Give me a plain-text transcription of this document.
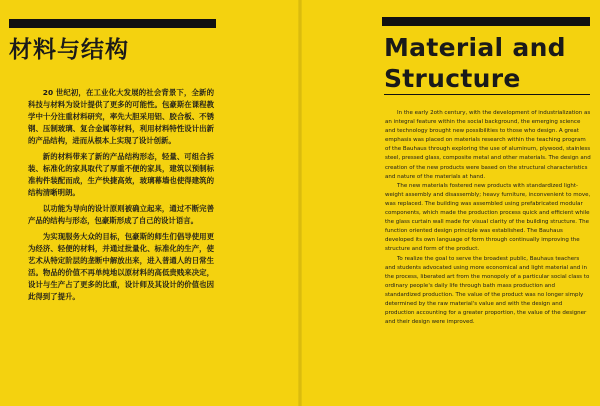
材料与结构

20 世纪初，在工业化大发展的社会背景下，全新的科技与材料为设计提供了更多的可能性。包豪斯在课程教学中十分注重材料研究，率先大胆采用铝、胶合板、不锈钢、压制玻璃、复合金属等材料，利用材料特性设计出新的产品结构，进而从根本上实现了设计创新。

新的材料带来了新的产品结构形态，轻量、可组合拆装、标准化的家具取代了厚重不便的家具，建筑以预制标准构件装配而成，生产快捷高效，玻璃幕墙也使得建筑的结构清晰明朗。

以功能为导向的设计原则被确立起来，通过不断完善产品的结构与形态，包豪斯形成了自己的设计语言。

为实现服务大众的目标，包豪斯的师生们倡导使用更为经济、轻便的材料，并通过批量化、标准化的生产，使艺术从特定阶层的垄断中解放出来，进入普通人的日常生活。物品的价值不再单纯地以原材料的高低贵贱来决定，设计与生产占了更多的比重，设计师及其设计的价值也因此得到了提升。

Material and Structure

In the early 2oth century, with the development of industrialization as an integral feature within the social background, the emerging science and technology brought new possibilities to those who design. A great emphasis was placed on materials research within the teaching program of the Bauhaus through exploring the use of aluminum, plywood, stainless steel, pressed glass, composite metal and other materials. The design and creation of the new products were based on the structural characteristics and nature of the materials at hand.

The new materials fostered new products with standardized light-weight assembly and disassembly; heavy furniture, inconvenient to move, was replaced. The building was assembled using prefabricated modular components, which made the production process quick and efficient while the glass curtain wall made for visual clarity of the building structure. The function oriented design principle was established. The Bauhaus developed its own language of form through continually improving the structure and form of the product.

To realize the goal to serve the broadest public, Bauhaus teachers and students advocated using more economical and light material and in the process, liberated art from the monopoly of a particular social class to ordinary people's daily life through bath mass production and standardized production. The value of the product was no longer simply determined by the raw material's value and with the design and production accounting for a greater proportion, the value of the designer and their design were improved.
